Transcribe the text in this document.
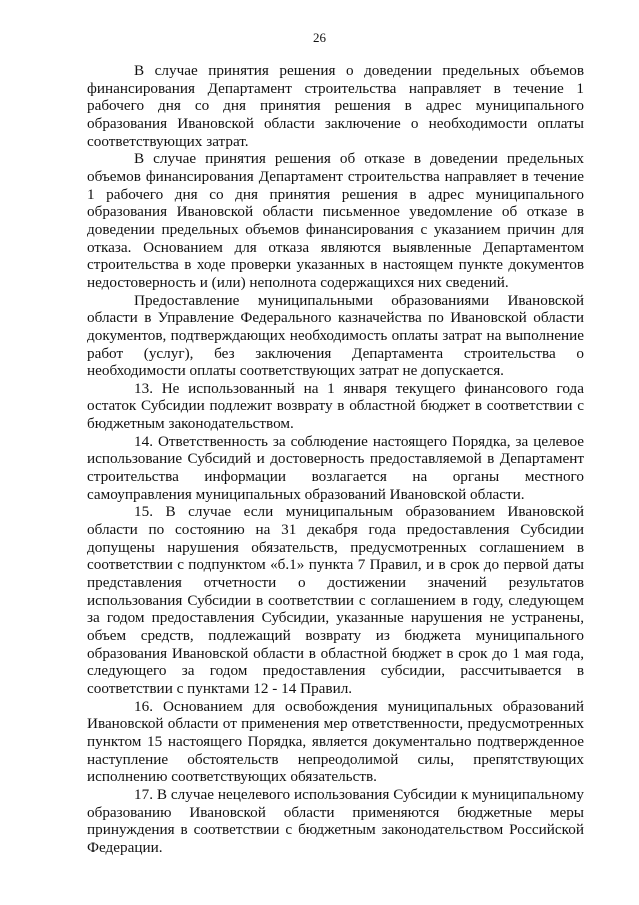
26

В случае принятия решения о доведении предельных объемов финансирования Департамент строительства направляет в течение 1 рабочего дня со дня принятия решения в адрес муниципального образования Ивановской области заключение о необходимости оплаты соответствующих затрат.

В случае принятия решения об отказе в доведении предельных объемов финансирования Департамент строительства направляет в течение 1 рабочего дня со дня принятия решения в адрес муниципального образования Ивановской области письменное уведомление об отказе в доведении предельных объемов финансирования с указанием причин для отказа. Основанием для отказа являются выявленные Департаментом строительства в ходе проверки указанных в настоящем пункте документов недостоверность и (или) неполнота содержащихся них сведений.

Предоставление муниципальными образованиями Ивановской области в Управление Федерального казначейства по Ивановской области документов, подтверждающих необходимость оплаты затрат на выполнение работ (услуг), без заключения Департамента строительства о необходимости оплаты соответствующих затрат не допускается.

13. Не использованный на 1 января текущего финансового года остаток Субсидии подлежит возврату в областной бюджет в соответствии с бюджетным законодательством.

14. Ответственность за соблюдение настоящего Порядка, за целевое использование Субсидий и достоверность предоставляемой в Департамент строительства информации возлагается на органы местного самоуправления муниципальных образований Ивановской области.

15. В случае если муниципальным образованием Ивановской области по состоянию на 31 декабря года предоставления Субсидии допущены нарушения обязательств, предусмотренных соглашением в соответствии с подпунктом «б.1» пункта 7 Правил, и в срок до первой даты представления отчетности о достижении значений результатов использования Субсидии в соответствии с соглашением в году, следующем за годом предоставления Субсидии, указанные нарушения не устранены, объем средств, подлежащий возврату из бюджета муниципального образования Ивановской области в областной бюджет в срок до 1 мая года, следующего за годом предоставления субсидии, рассчитывается в соответствии с пунктами 12 - 14 Правил.

16. Основанием для освобождения муниципальных образований Ивановской области от применения мер ответственности, предусмотренных пунктом 15 настоящего Порядка, является документально подтвержденное наступление обстоятельств непреодолимой силы, препятствующих исполнению соответствующих обязательств.

17. В случае нецелевого использования Субсидии к муниципальному образованию Ивановской области применяются бюджетные меры принуждения в соответствии с бюджетным законодательством Российской Федерации.
